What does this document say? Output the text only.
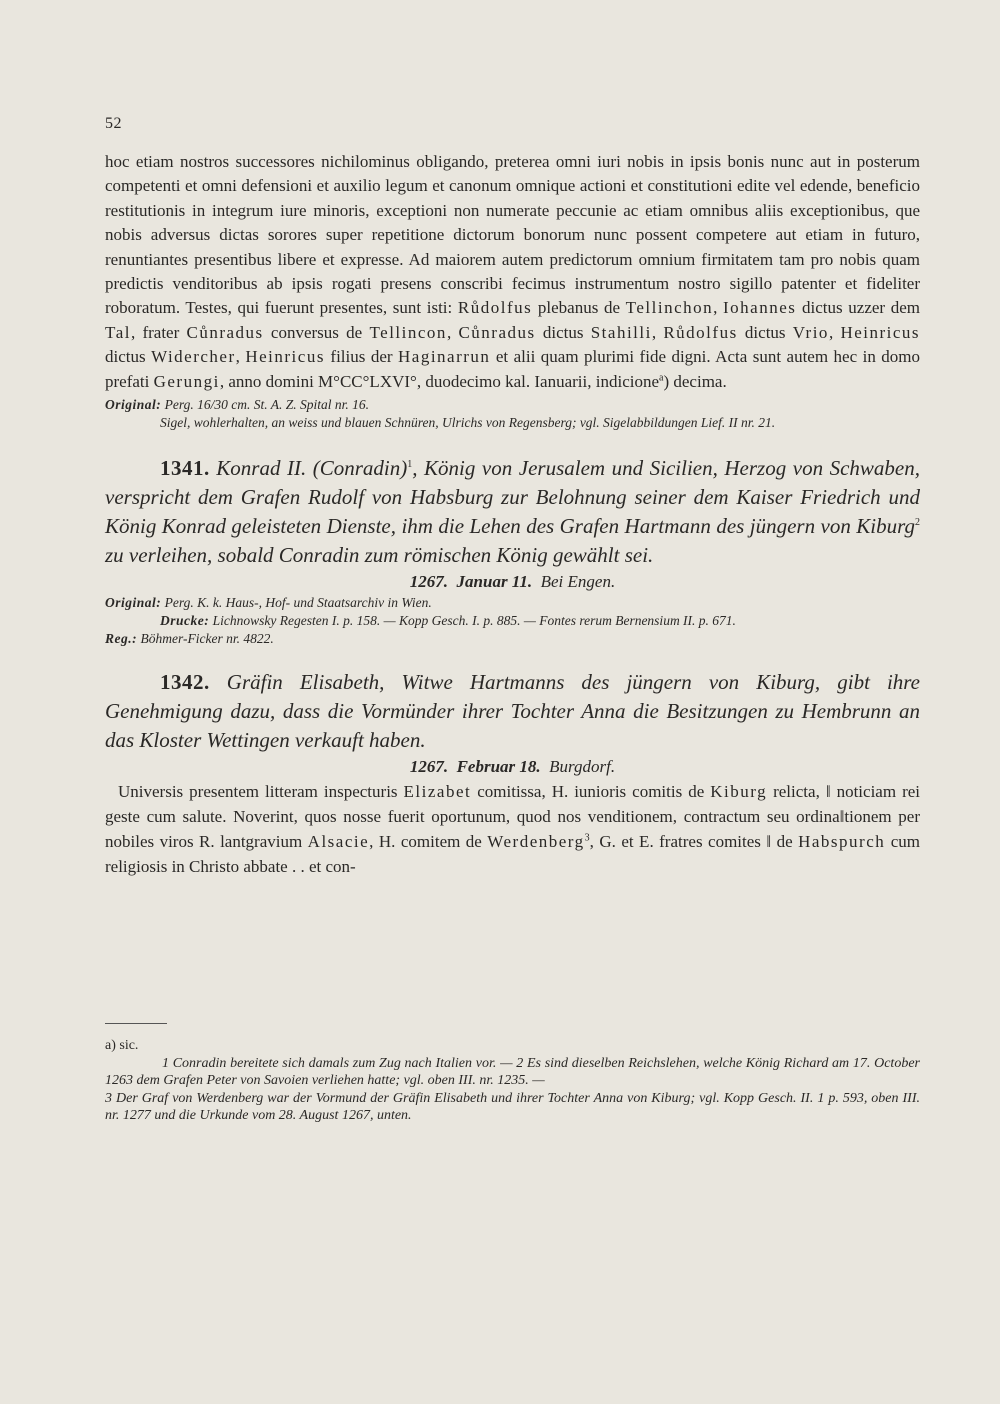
52

hoc etiam nostros successores nichilominus obligando, preterea omni iuri nobis in ipsis bonis nunc aut in posterum competenti et omni defensioni et auxilio legum et canonum omnique actioni et constitutioni edite vel edende, beneficio restitutionis in integrum iure minoris, exceptioni non numerate peccunie ac etiam omnibus aliis exceptionibus, que nobis adversus dictas sorores super repetitione dictorum bonorum nunc possent competere aut etiam in futuro, renuntiantes presentibus libere et expresse. Ad maiorem autem predictorum omnium firmitatem tam pro nobis quam predictis venditoribus ab ipsis rogati presens conscribi fecimus instrumentum nostro sigillo patenter et fideliter roboratum. Testes, qui fuerunt presentes, sunt isti: Růdolfus plebanus de Tellinchon, Iohannes dictus uzzer dem Tal, frater Cůnradus conversus de Tellincon, Cůnradus dictus Stahilli, Růdolfus dictus Vrio, Heinricus dictus Widercher, Heinricus filius der Haginarrun et alii quam plurimi fide digni. Acta sunt autem hec in domo prefati Gerungi, anno domini M°CC°LXVI°, duodecimo kal. Ianuarii, indicione$^a$) decima.

Original: Perg. 16/30 cm. St. A. Z. Spital nr. 16.

Sigel, wohlerhalten, an weiss und blauen Schnüren, Ulrichs von Regensberg; vgl. Sigelabbildungen Lief. II nr. 21.

1341. Konrad II. (Conradin)$^1$, König von Jerusalem und Sicilien, Herzog von Schwaben, verspricht dem Grafen Rudolf von Habsburg zur Belohnung seiner dem Kaiser Friedrich und König Konrad geleisteten Dienste, ihm die Lehen des Grafen Hartmann des jüngern von Kiburg$^2$ zu verleihen, sobald Conradin zum römischen König gewählt sei.

1267. Januar 11. Bei Engen.

Original: Perg. K. k. Haus-, Hof- und Staatsarchiv in Wien.

Drucke: Lichnowsky Regesten I. p. 158. — Kopp Gesch. I. p. 885. — Fontes rerum Bernensium II. p. 671.

Reg.: Böhmer-Ficker nr. 4822.

1342. Gräfin Elisabeth, Witwe Hartmanns des jüngern von Kiburg, gibt ihre Genehmigung dazu, dass die Vormünder ihrer Tochter Anna die Besitzungen zu Hembrunn an das Kloster Wettingen verkauft haben.

1267. Februar 18. Burgdorf.

Universis presentem litteram inspecturis Elizabet comitissa, H. iunioris comitis de Kiburg relicta, ‖ noticiam rei geste cum salute. Noverint, quos nosse fuerit oportunum, quod nos venditionem, contractum seu ordina‖tionem per nobiles viros R. lantgravium Alsacie, H. comitem de Werdenberg$^3$, G. et E. fratres comites ‖ de Habspurch cum religiosis in Christo abbate . . et con-

a) sic.

1 Conradin bereitete sich damals zum Zug nach Italien vor. — 2 Es sind dieselben Reichslehen, welche König Richard am 17. October 1263 dem Grafen Peter von Savoien verliehen hatte; vgl. oben III. nr. 1235. —

3 Der Graf von Werdenberg war der Vormund der Gräfin Elisabeth und ihrer Tochter Anna von Kiburg; vgl. Kopp Gesch. II. 1 p. 593, oben III. nr. 1277 und die Urkunde vom 28. August 1267, unten.
